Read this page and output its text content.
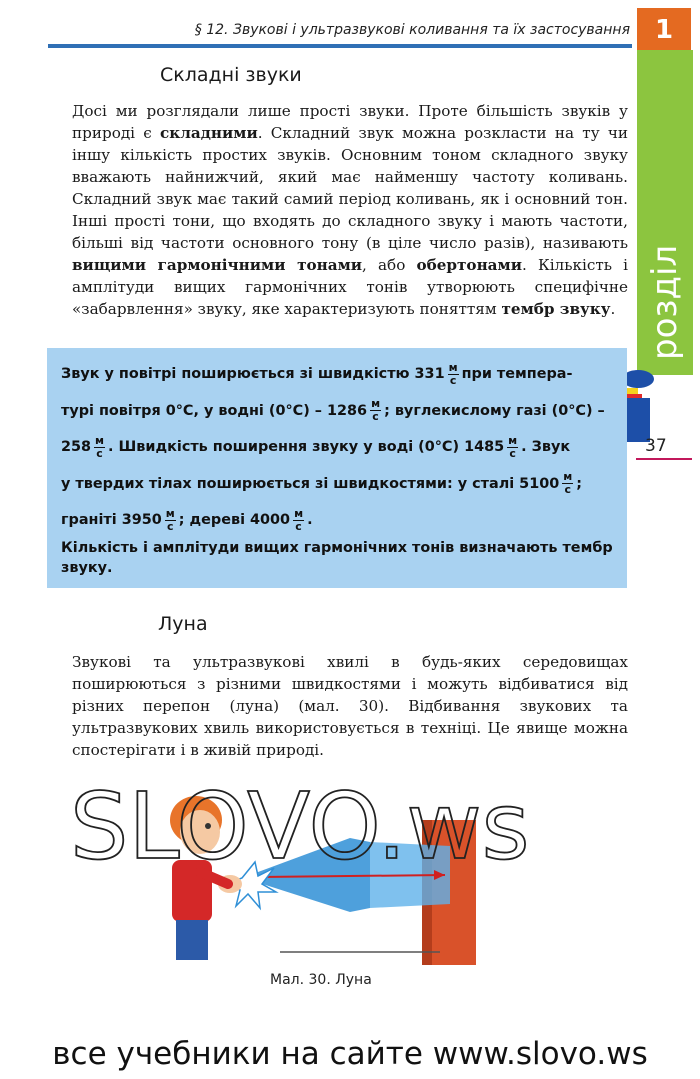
§ 12. Звукові і ультразвукові коливання та їх застосування 1
розділ
37
Складні звуки

Досі ми розглядали лише прості звуки. Проте більшість звуків у природі є складними. Складний звук можна розкласти на ту чи іншу кількість простих звуків. Основним тоном складного звуку вважають найнижчий, який має найменшу частоту коливань. Складний звук має такий самий період коливань, як і основний тон. Інші прості тони, що входять до складного звуку і мають частоти, більші від частоти основного тону (в ціле число разів), називають вищими гармонічними тонами, або обертонами. Кількість і амплітуди вищих гармонічних тонів утворюють специфічне «забарвлення» звуку, яке характеризують поняттям тембр звуку.

Звук у повітрі поширюється зі швидкістю $331 \frac{м}{с}$ при темпера-
турі повітря 0°С, у водні $(0^\circ С) - 1286 \frac{м}{с}$ ; вуглекислому газі (0°С) –
$258 \frac{м}{с}$ . Швидкість поширення звуку у воді (0°С) $1485 \frac{м}{с}$ . Звук
у твердих тілах поширюється зі швидкостями: у сталі $5100 \frac{м}{с}$ ;
граніті $3950 \frac{м}{с}$ ; дереві $4000 \frac{м}{с}$ .
Кількість і амплітуди вищих гармонічних тонів визначають тембр звуку.
Луна

Звукові та ультразвукові хвилі в будь-яких середовищах поширюються з різними швидкостями і можуть відбиватися від різних перепон (луна) (мал. 30). Відбивання звукових та ультразвукових хвиль використовується в техніці. Це явище можна спостерігати і в живій природі.

Мал. 30. Луна
SLOVO.ws
все учебники на сайте www.slovo.ws
